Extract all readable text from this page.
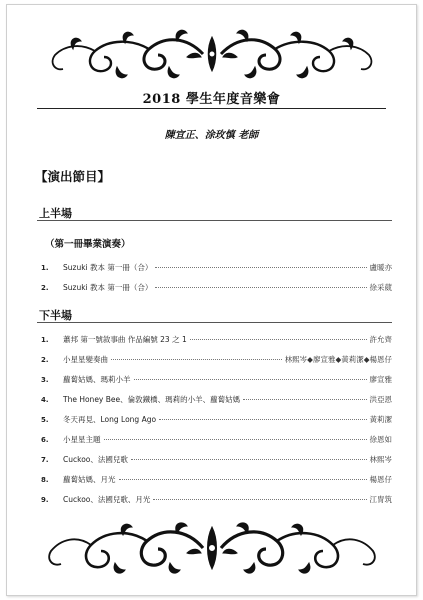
2018 學生年度音樂會
陳宜正、涂玫慎 老師
【演出節目】
上半場
（第一冊畢業演奏）
1.	Suzuki 教本 第一冊（合）	盧暖亦
2.	Suzuki 教本 第一冊（合）	徐采葳
下半場
1.	蕭邦 第一號敘事曲 作品編號 23 之 1	許允齊
2.	小星星變奏曲	林熙岑◆廖宣雅◆黃莉潔◆楊恩仔
3.	蘿蔔姑媽、瑪莉小羊	廖宣雅
4.	The Honey Bee、倫敦鐵橋、瑪莉的小羊、蘿蔔姑媽	洪亞恩
5.	冬天再見、Long Long Ago	黃莉潔
6.	小星星主題	徐恩如
7.	Cuckoo、法國兒歌	林熙岑
8.	蘿蔔姑媽、月光	楊恩仔
9.	Cuckoo、法國兒歌、月光	江冑筑
